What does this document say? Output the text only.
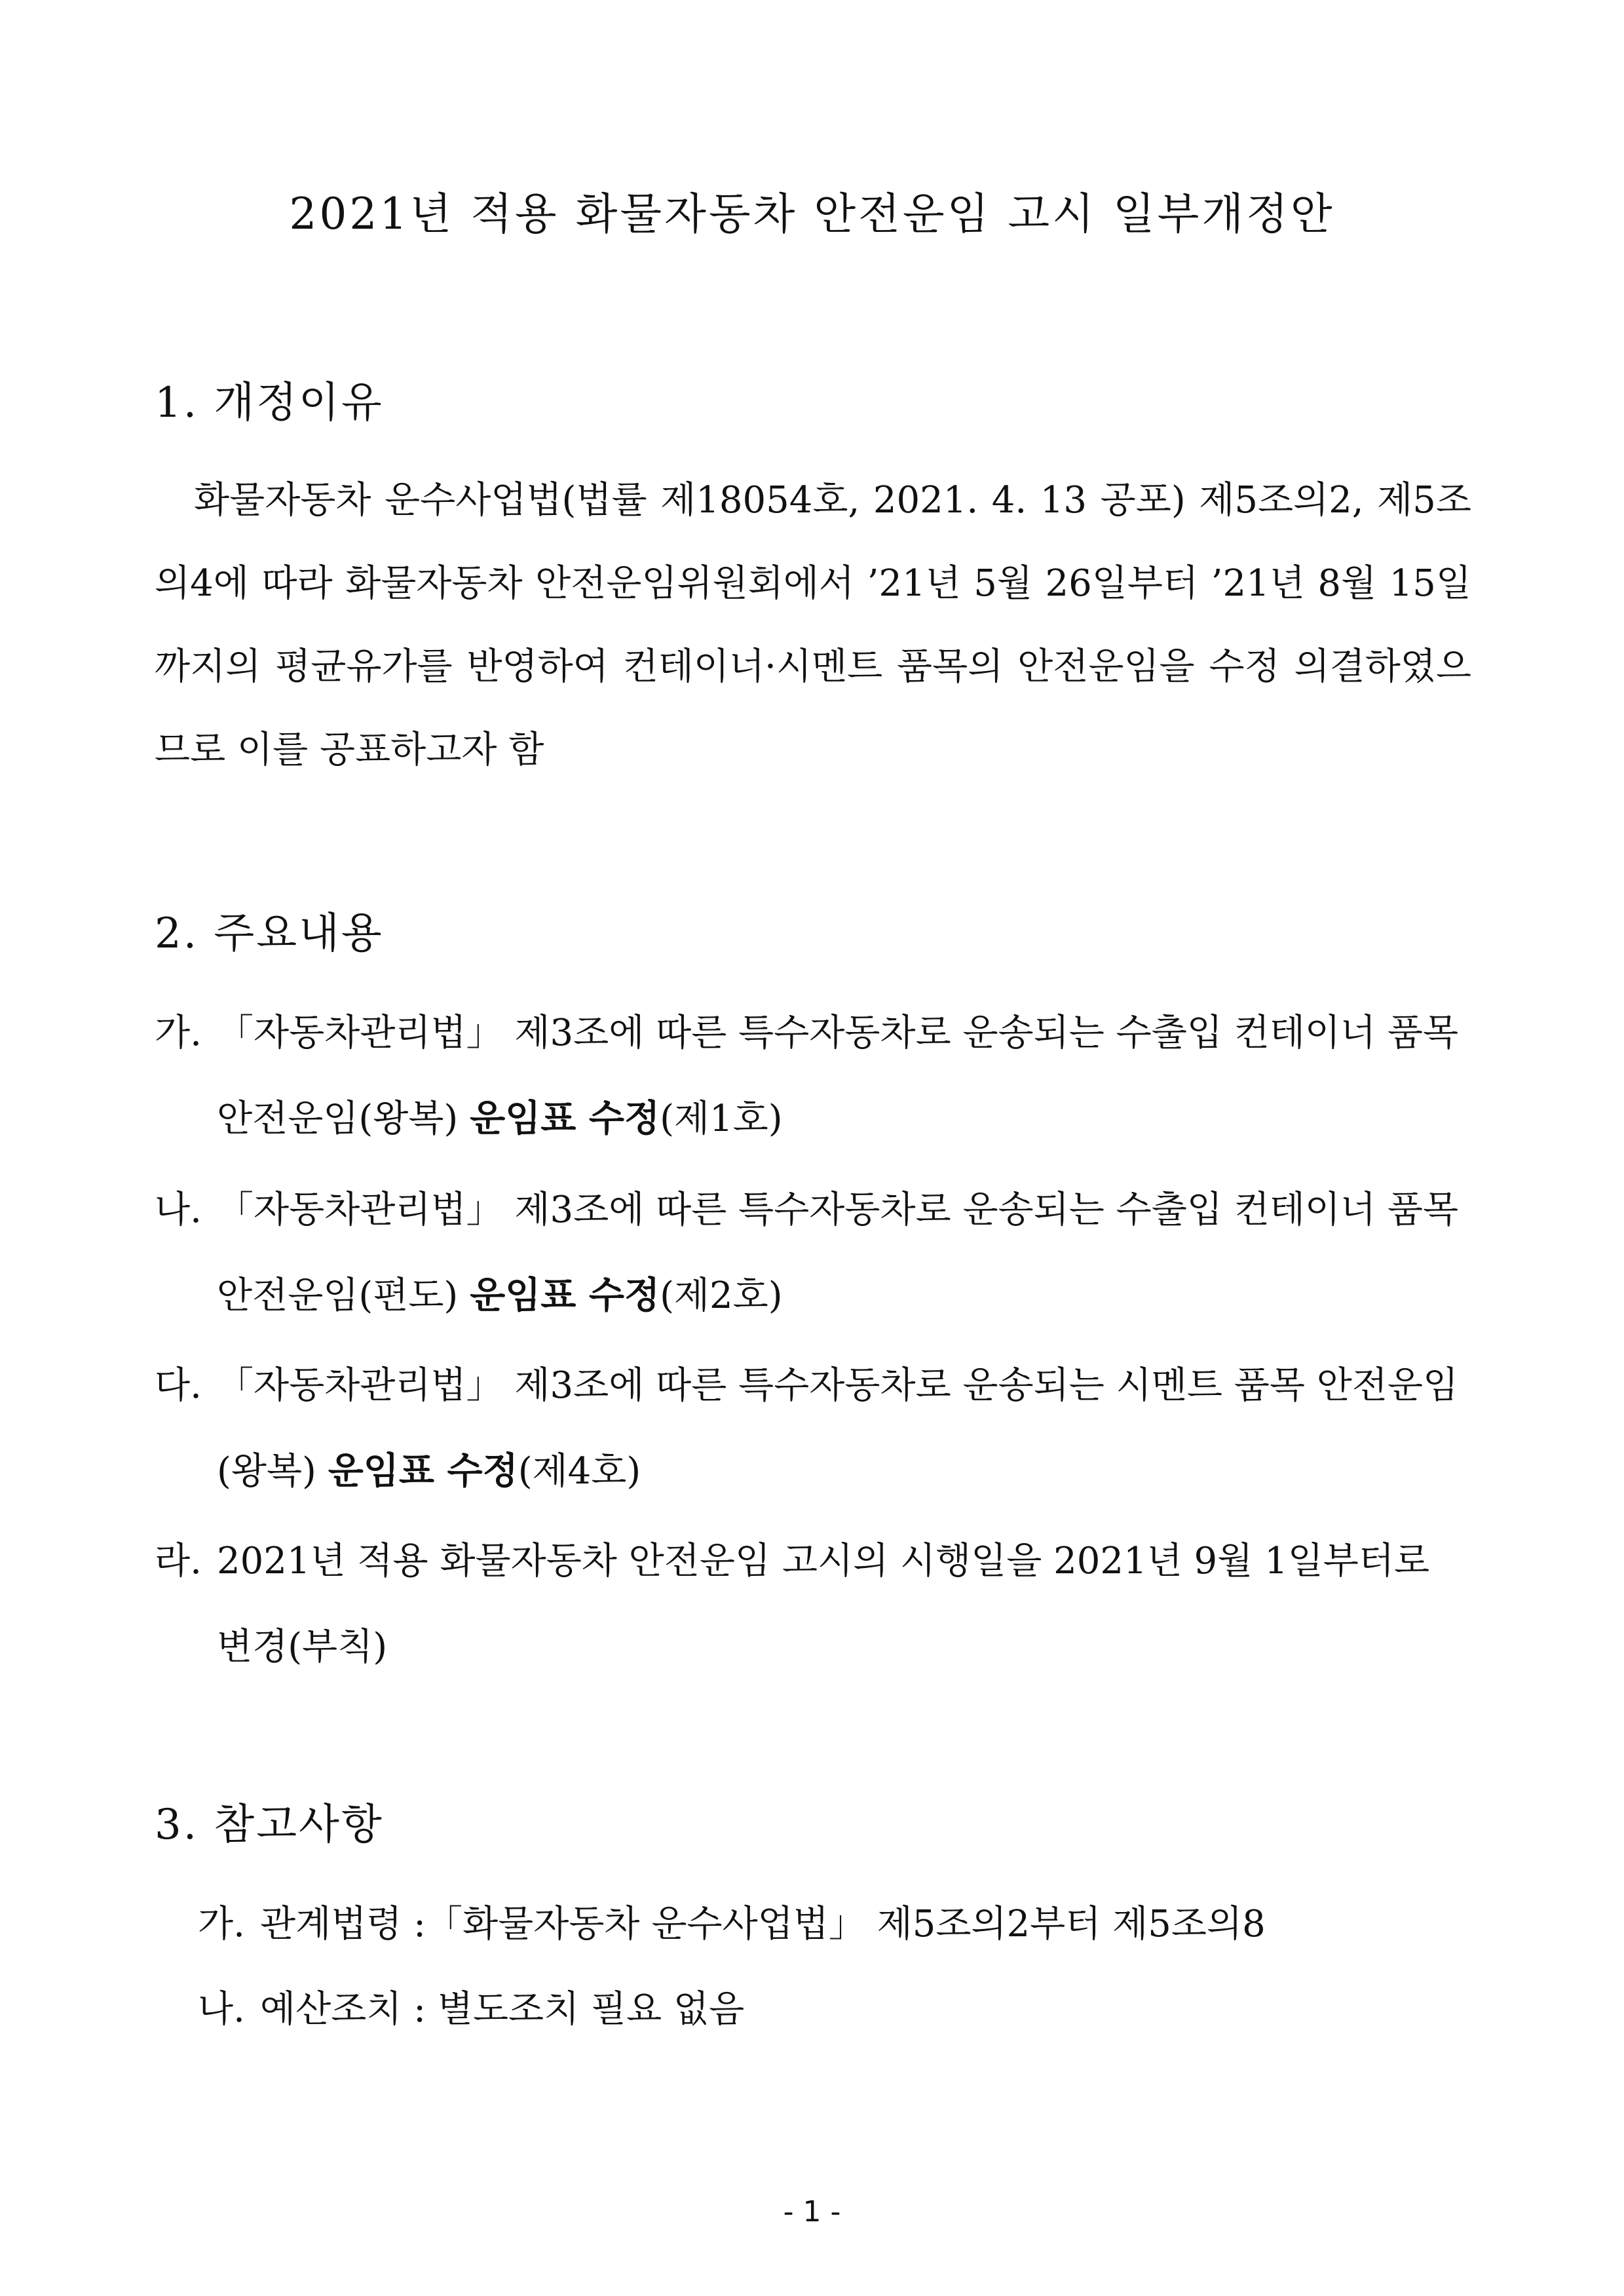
2021년 적용 화물자동차 안전운임 고시 일부개정안
1. 개정이유
화물자동차 운수사업법(법률 제18054호, 2021. 4. 13 공포) 제5조의2, 제5조의4에 따라 화물자동차 안전운임위원회에서 ’21년 5월 26일부터 ’21년 8월 15일까지의 평균유가를 반영하여 컨테이너·시멘트 품목의 안전운임을 수정 의결하였으므로 이를 공표하고자 함
2. 주요내용
가. 「자동차관리법」 제3조에 따른 특수자동차로 운송되는 수출입 컨테이너 품목 안전운임(왕복) 운임표 수정(제1호)
나. 「자동차관리법」 제3조에 따른 특수자동차로 운송되는 수출입 컨테이너 품목 안전운임(편도) 운임표 수정(제2호)
다. 「자동차관리법」 제3조에 따른 특수자동차로 운송되는 시멘트 품목 안전운임 (왕복) 운임표 수정(제4호)
라. 2021년 적용 화물자동차 안전운임 고시의 시행일을 2021년 9월 1일부터로 변경(부칙)
3. 참고사항
가. 관계법령 :「화물자동차 운수사업법」 제5조의2부터 제5조의8
나. 예산조치 : 별도조치 필요 없음
- 1 -
